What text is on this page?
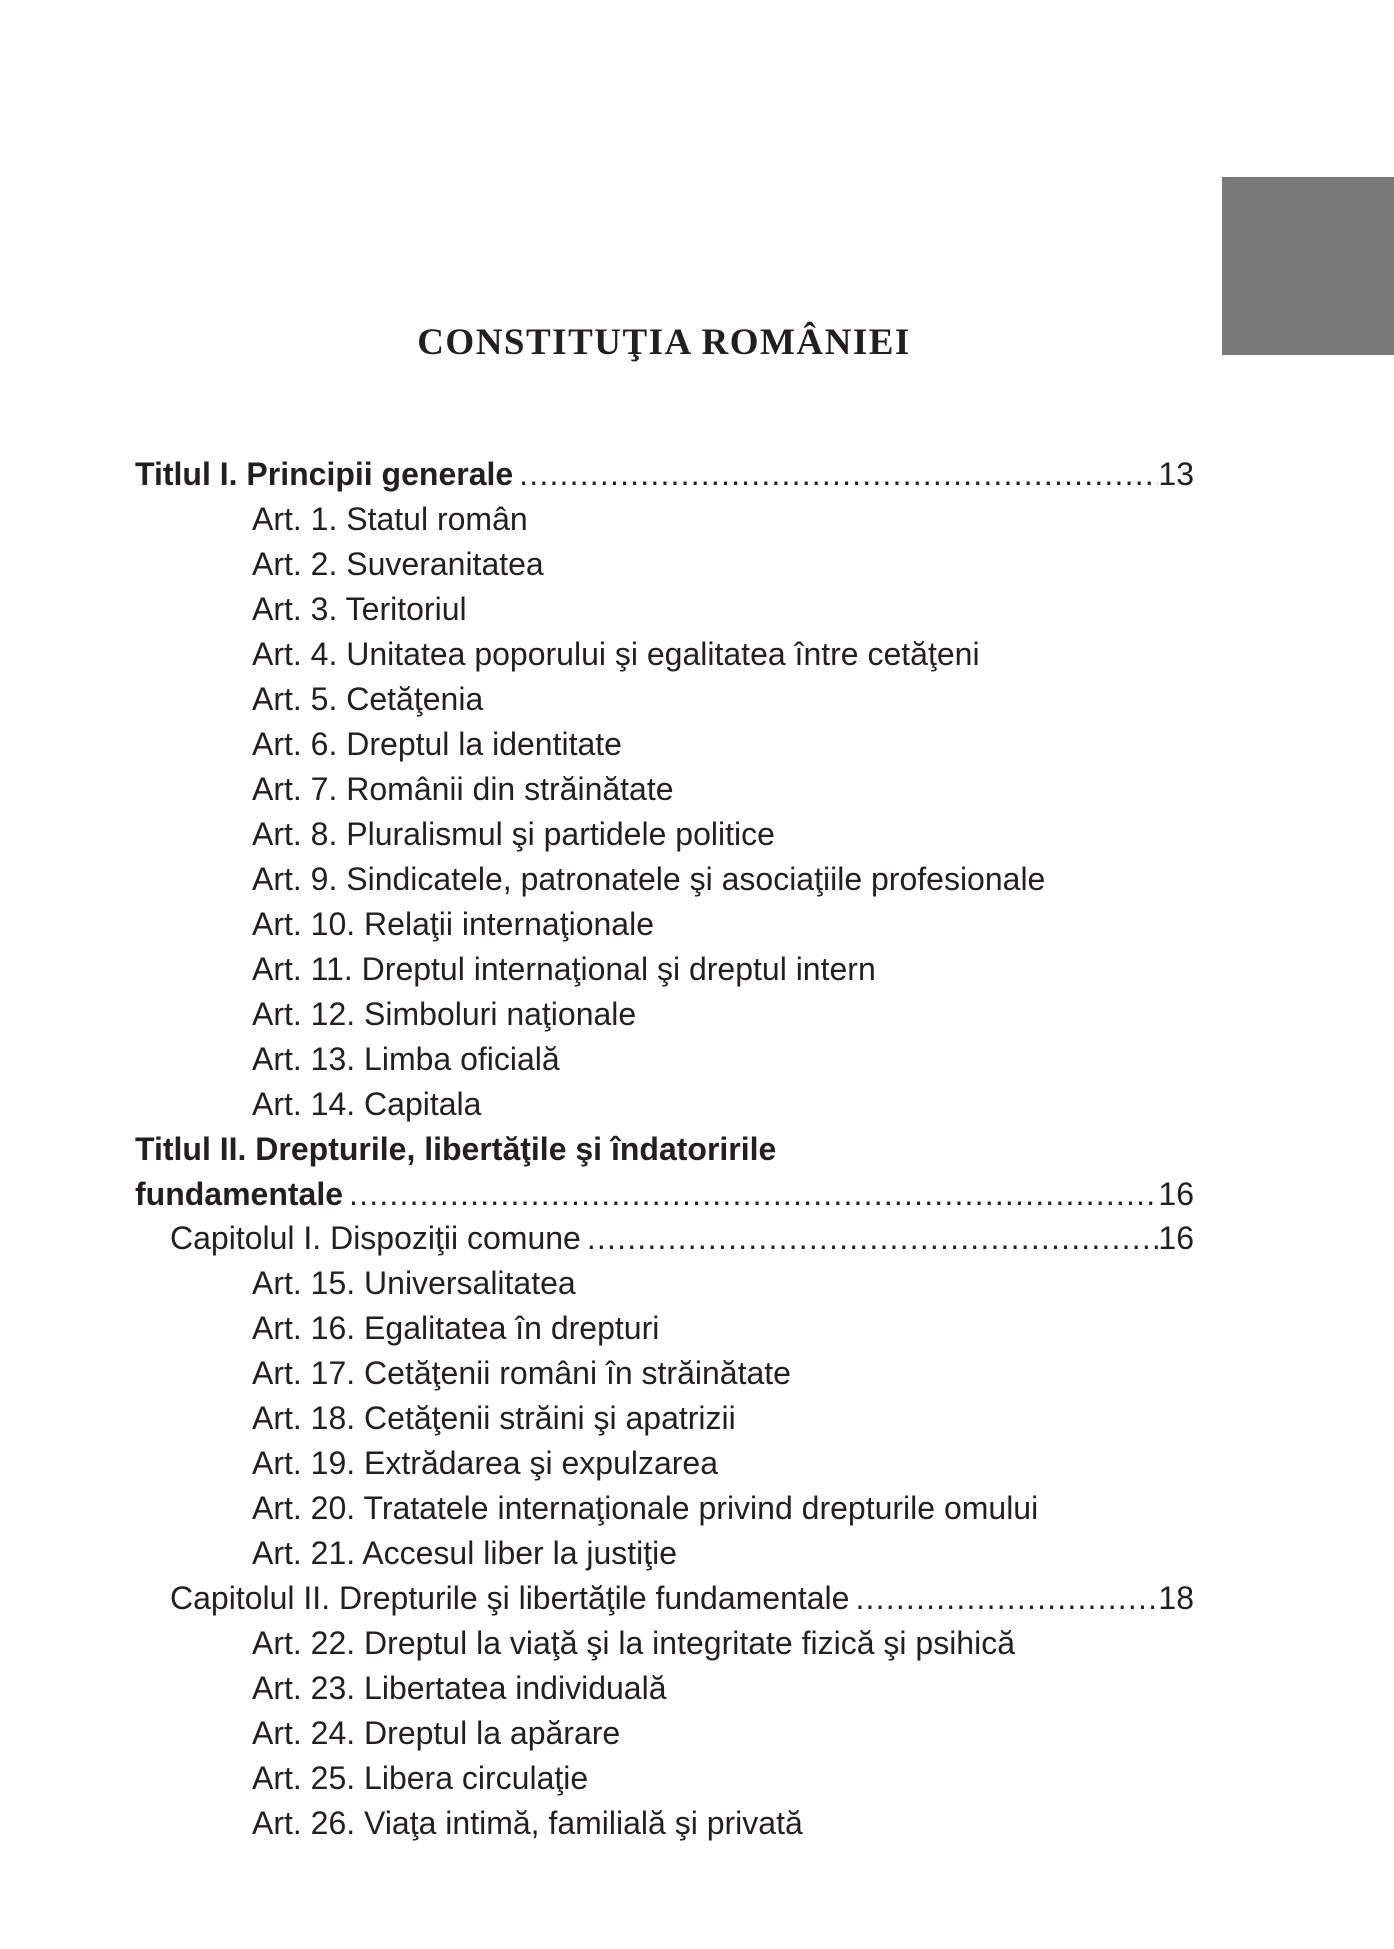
CONSTITUŢIA ROMÂNIEI
Titlul I. Principii generale .....	13
Art. 1. Statul român
Art. 2. Suveranitatea
Art. 3. Teritoriul
Art. 4. Unitatea poporului şi egalitatea între cetăţeni
Art. 5. Cetăţenia
Art. 6. Dreptul la identitate
Art. 7. Românii din străinătate
Art. 8. Pluralismul şi partidele politice
Art. 9. Sindicatele, patronatele şi asociaţiile profesionale
Art. 10. Relaţii internaţionale
Art. 11. Dreptul internaţional şi dreptul intern
Art. 12. Simboluri naţionale
Art. 13. Limba oficială
Art. 14. Capitala
Titlul II. Drepturile, libertăţile şi îndatoririle
fundamentale .....	16
Capitolul I. Dispoziţii comune .....	16
Art. 15. Universalitatea
Art. 16. Egalitatea în drepturi
Art. 17. Cetăţenii români în străinătate
Art. 18. Cetăţenii străini şi apatrizii
Art. 19. Extrădarea şi expulzarea
Art. 20. Tratatele internaţionale privind drepturile omului
Art. 21. Accesul liber la justiţie
Capitolul II. Drepturile şi libertăţile fundamentale .....	18
Art. 22. Dreptul la viaţă şi la integritate fizică şi psihică
Art. 23. Libertatea individuală
Art. 24. Dreptul la apărare
Art. 25. Libera circulaţie
Art. 26. Viaţa intimă, familială şi privată
